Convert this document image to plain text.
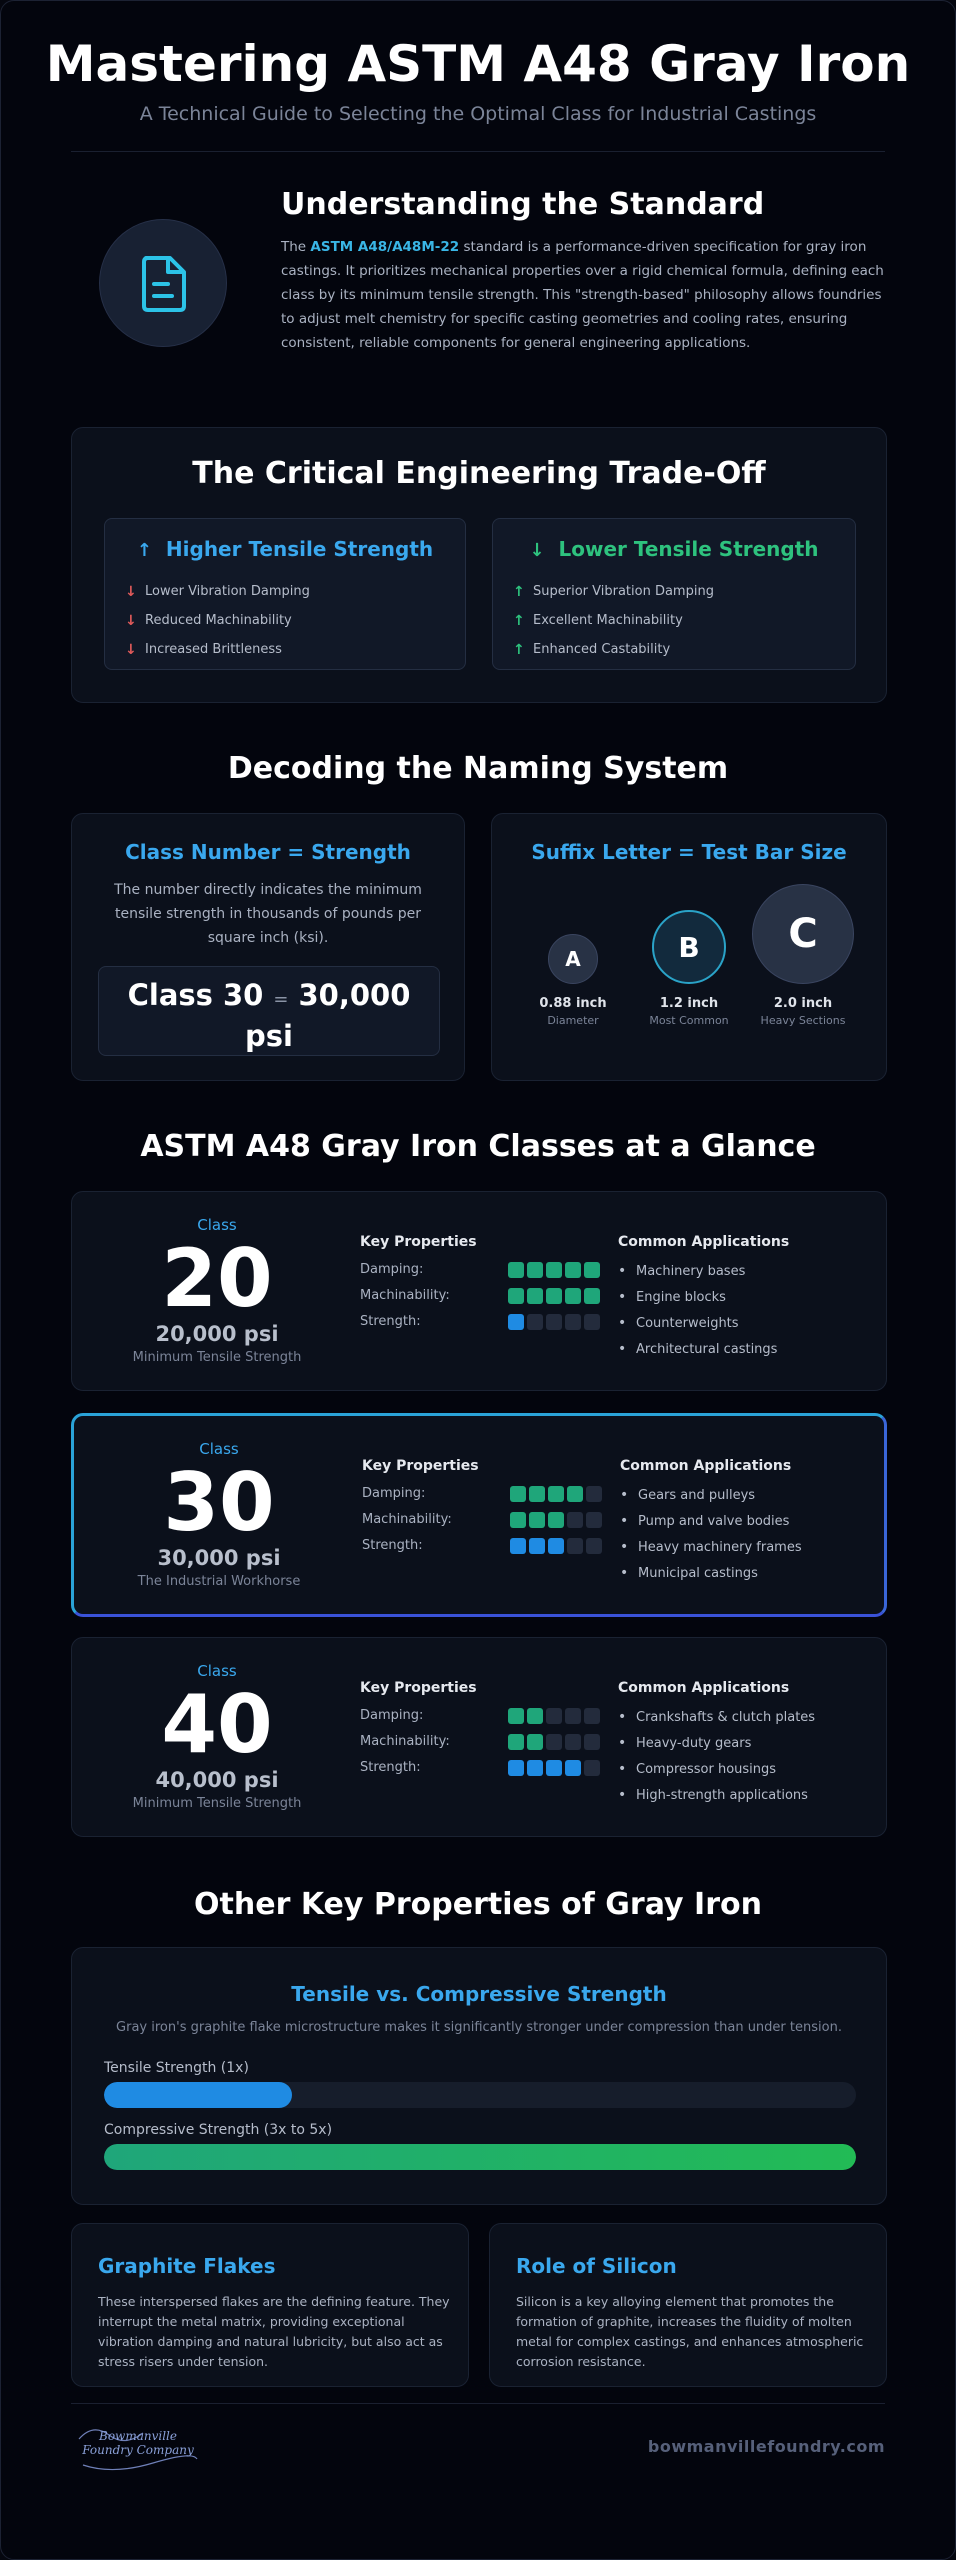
Mastering ASTM A48 Gray Iron
A Technical Guide to Selecting the Optimal Class for Industrial Castings
Understanding the Standard
The ASTM A48/A48M-22 standard is a performance-driven specification for gray iron castings. It prioritizes mechanical properties over a rigid chemical formula, defining each class by its minimum tensile strength. This "strength-based" philosophy allows foundries to adjust melt chemistry for specific casting geometries and cooling rates, ensuring consistent, reliable components for general engineering applications.
The Critical Engineering Trade-Off
↑ Higher Tensile Strength
↓ Lower Vibration Damping
↓ Reduced Machinability
↓ Increased Brittleness
↓ Lower Tensile Strength
↑ Superior Vibration Damping
↑ Excellent Machinability
↑ Enhanced Castability
Decoding the Naming System
Class Number = Strength
The number directly indicates the minimum tensile strength in thousands of pounds per square inch (ksi).
Class 30 = 30,000 psi
Suffix Letter = Test Bar Size
A	B	C
0.88 inch
Diameter
1.2 inch
Most Common
2.0 inch
Heavy Sections
ASTM A48 Gray Iron Classes at a Glance
Class
20
20,000 psi
Minimum Tensile Strength
Key Properties
Damping:
Machinability:
Strength:
Common Applications
• Machinery bases
• Engine blocks
• Counterweights
• Architectural castings
Class
30
30,000 psi
The Industrial Workhorse
Key Properties
Damping:
Machinability:
Strength:
Common Applications
• Gears and pulleys
• Pump and valve bodies
• Heavy machinery frames
• Municipal castings
Class
40
40,000 psi
Minimum Tensile Strength
Key Properties
Damping:
Machinability:
Strength:
Common Applications
• Crankshafts & clutch plates
• Heavy-duty gears
• Compressor housings
• High-strength applications
Other Key Properties of Gray Iron
Tensile vs. Compressive Strength
Gray iron's graphite flake microstructure makes it significantly stronger under compression than under tension.
Tensile Strength (1x)
Compressive Strength (3x to 5x)
Graphite Flakes
These interspersed flakes are the defining feature. They interrupt the metal matrix, providing exceptional vibration damping and natural lubricity, but also act as stress risers under tension.
Role of Silicon
Silicon is a key alloying element that promotes the formation of graphite, increases the fluidity of molten metal for complex castings, and enhances atmospheric corrosion resistance.
Bowmanville
Foundry Company	bowmanvillefoundry.com
